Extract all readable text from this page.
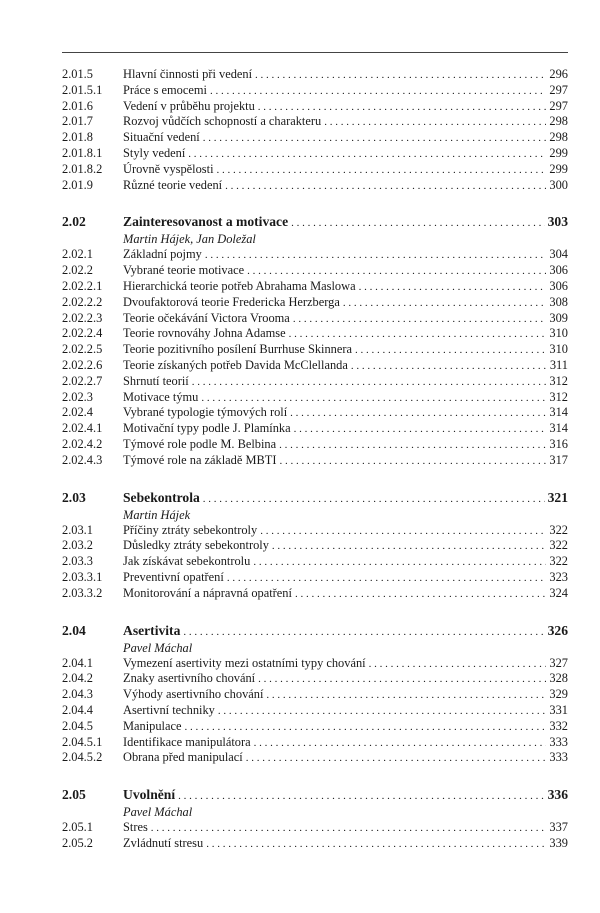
2.01.5	Hlavní činnosti při vedení . . .	296
2.01.5.1	Práce s emocemi . . .	297
2.01.6	Vedení v průběhu projektu . . .	297
2.01.7	Rozvoj vůdčích schopností a charakteru . . .	298
2.01.8	Situační vedení . . .	298
2.01.8.1	Styly vedení . . .	299
2.01.8.2	Úrovně vyspělosti . . .	299
2.01.9	Různé teorie vedení . . .	300
2.02	Zainteresovanost a motivace . . .	303
Martin Hájek, Jan Doležal
2.02.1	Základní pojmy . . .	304
2.02.2	Vybrané teorie motivace . . .	306
2.02.2.1	Hierarchická teorie potřeb Abrahama Maslowa . . .	306
2.02.2.2	Dvoufaktorová teorie Fredericka Herzberga . . .	308
2.02.2.3	Teorie očekávání Victora Vrooma . . .	309
2.02.2.4	Teorie rovnováhy Johna Adamse . . .	310
2.02.2.5	Teorie pozitivního posílení Burrhuse Skinnera . . .	310
2.02.2.6	Teorie získaných potřeb Davida McClellanda . . .	311
2.02.2.7	Shrnutí teorií . . .	312
2.02.3	Motivace týmu . . .	312
2.02.4	Vybrané typologie týmových rolí . . .	314
2.02.4.1	Motivační typy podle J. Plamínka . . .	314
2.02.4.2	Týmové role podle M. Belbina . . .	316
2.02.4.3	Týmové role na základě MBTI . . .	317
2.03	Sebekontrola . . .	321
Martin Hájek
2.03.1	Příčiny ztráty sebekontroly . . .	322
2.03.2	Důsledky ztráty sebekontroly . . .	322
2.03.3	Jak získávat sebekontrolu . . .	322
2.03.3.1	Preventivní opatření . . .	323
2.03.3.2	Monitorování a nápravná opatření . . .	324
2.04	Asertivita . . .	326
Pavel Máchal
2.04.1	Vymezení asertivity mezi ostatními typy chování . . .	327
2.04.2	Znaky asertivního chování . . .	328
2.04.3	Výhody asertivního chování . . .	329
2.04.4	Asertivní techniky . . .	331
2.04.5	Manipulace . . .	332
2.04.5.1	Identifikace manipulátora . . .	333
2.04.5.2	Obrana před manipulací . . .	333
2.05	Uvolnění . . .	336
Pavel Máchal
2.05.1	Stres . . .	337
2.05.2	Zvládnutí stresu . . .	339
